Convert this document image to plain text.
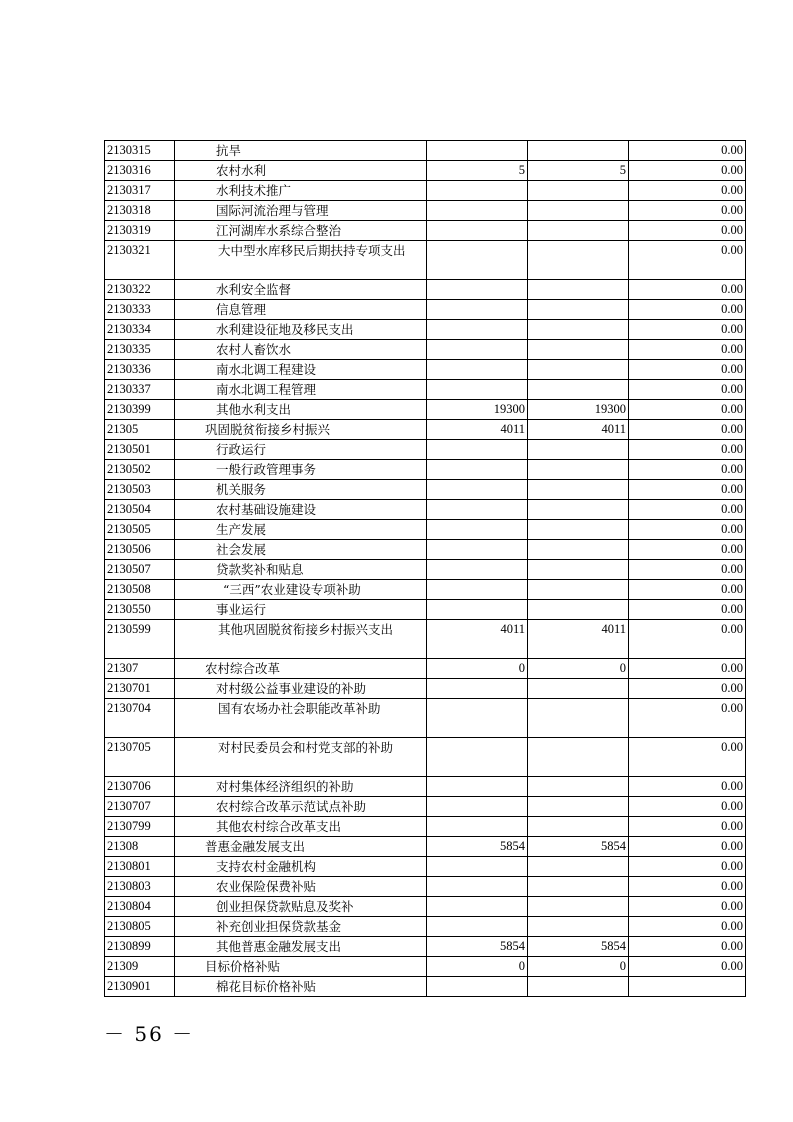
2130315	抗旱			0.00
2130316	农村水利	5	5	0.00
2130317	水利技术推广			0.00
2130318	国际河流治理与管理			0.00
2130319	江河湖库水系综合整治			0.00
2130321	大中型水库移民后期扶持专项支出			0.00
2130322	水利安全监督			0.00
2130333	信息管理			0.00
2130334	水利建设征地及移民支出			0.00
2130335	农村人畜饮水			0.00
2130336	南水北调工程建设			0.00
2130337	南水北调工程管理			0.00
2130399	其他水利支出	19300	19300	0.00
21305	巩固脱贫衔接乡村振兴	4011	4011	0.00
2130501	行政运行			0.00
2130502	一般行政管理事务			0.00
2130503	机关服务			0.00
2130504	农村基础设施建设			0.00
2130505	生产发展			0.00
2130506	社会发展			0.00
2130507	贷款奖补和贴息			0.00
2130508	“三西”农业建设专项补助			0.00
2130550	事业运行			0.00
2130599	其他巩固脱贫衔接乡村振兴支出	4011	4011	0.00
21307	农村综合改革	0	0	0.00
2130701	对村级公益事业建设的补助			0.00
2130704	国有农场办社会职能改革补助			0.00
2130705	对村民委员会和村党支部的补助			0.00
2130706	对村集体经济组织的补助			0.00
2130707	农村综合改革示范试点补助			0.00
2130799	其他农村综合改革支出			0.00
21308	普惠金融发展支出	5854	5854	0.00
2130801	支持农村金融机构			0.00
2130803	农业保险保费补贴			0.00
2130804	创业担保贷款贴息及奖补			0.00
2130805	补充创业担保贷款基金			0.00
2130899	其他普惠金融发展支出	5854	5854	0.00
21309	目标价格补贴	0	0	0.00
2130901	棉花目标价格补贴			
－ 56 －
